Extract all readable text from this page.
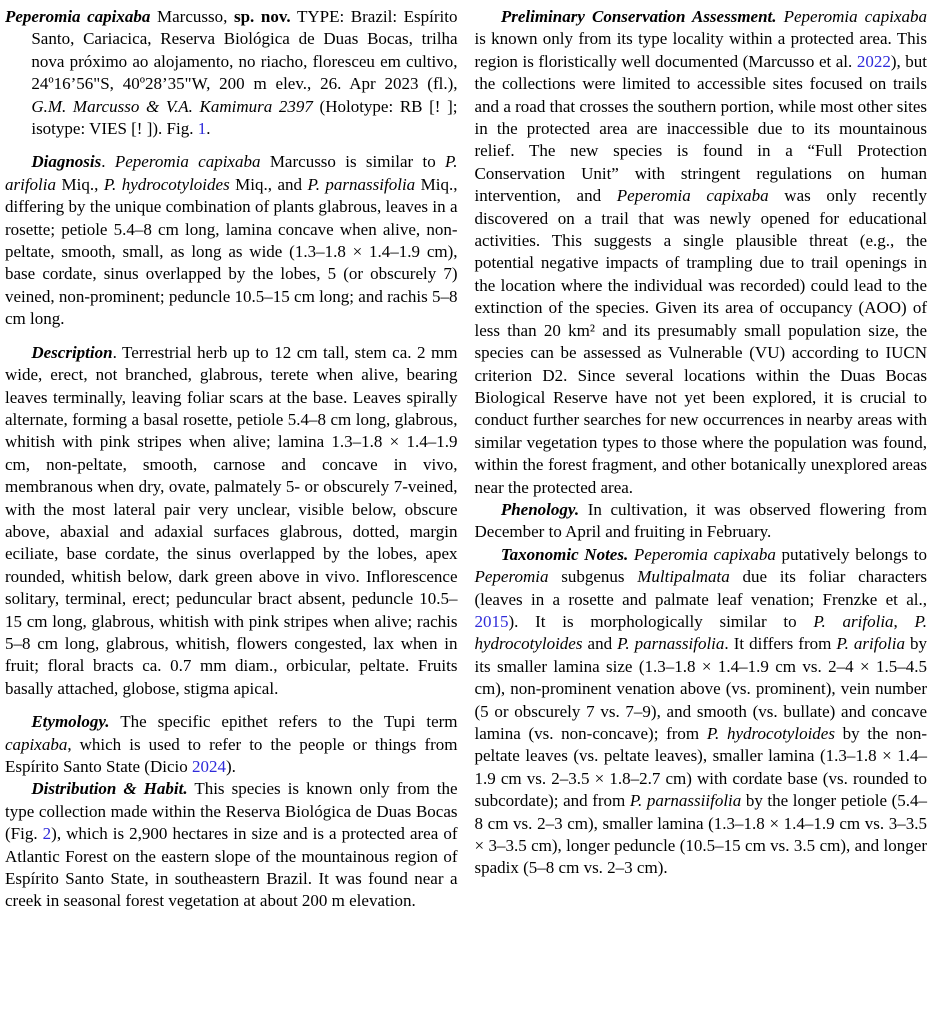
Peperomia capixaba Marcusso, sp. nov. TYPE: Brazil: Espírito Santo, Cariacica, Reserva Biológica de Duas Bocas, trilha nova próximo ao alojamento, no riacho, floresceu em cultivo, 24º16’56"S, 40º28’35"W, 200 m elev., 26. Apr 2023 (fl.), G.M. Marcusso & V.A. Kamimura 2397 (Holotype: RB [! ]; isotype: VIES [! ]). Fig. 1.

Diagnosis. Peperomia capixaba Marcusso is similar to P. arifolia Miq., P. hydrocotyloides Miq., and P. parnassifolia Miq., differing by the unique combination of plants glabrous, leaves in a rosette; petiole 5.4–8 cm long, lamina concave when alive, non-peltate, smooth, small, as long as wide (1.3–1.8 × 1.4–1.9 cm), base cordate, sinus overlapped by the lobes, 5 (or obscurely 7) veined, non-prominent; peduncle 10.5–15 cm long; and rachis 5–8 cm long.

Description. Terrestrial herb up to 12 cm tall, stem ca. 2 mm wide, erect, not branched, glabrous, terete when alive, bearing leaves terminally, leaving foliar scars at the base. Leaves spirally alternate, forming a basal rosette, petiole 5.4–8 cm long, glabrous, whitish with pink stripes when alive; lamina 1.3–1.8 × 1.4–1.9 cm, non-peltate, smooth, carnose and concave in vivo, membranous when dry, ovate, palmately 5- or obscurely 7-veined, with the most lateral pair very unclear, visible below, obscure above, abaxial and adaxial surfaces glabrous, dotted, margin eciliate, base cordate, the sinus overlapped by the lobes, apex rounded, whitish below, dark green above in vivo. Inflorescence solitary, terminal, erect; peduncular bract absent, peduncle 10.5–15 cm long, glabrous, whitish with pink stripes when alive; rachis 5–8 cm long, glabrous, whitish, flowers congested, lax when in fruit; floral bracts ca. 0.7 mm diam., orbicular, peltate. Fruits basally attached, globose, stigma apical.

Etymology. The specific epithet refers to the Tupi term capixaba, which is used to refer to the people or things from Espírito Santo State (Dicio 2024).

Distribution & Habit. This species is known only from the type collection made within the Reserva Biológica de Duas Bocas (Fig. 2), which is 2,900 hectares in size and is a protected area of Atlantic Forest on the eastern slope of the mountainous region of Espírito Santo State, in southeastern Brazil. It was found near a creek in seasonal forest vegetation at about 200 m elevation.

Preliminary Conservation Assessment. Peperomia capixaba is known only from its type locality within a protected area. This region is floristically well documented (Marcusso et al. 2022), but the collections were limited to accessible sites focused on trails and a road that crosses the southern portion, while most other sites in the protected area are inaccessible due to its mountainous relief. The new species is found in a “Full Protection Conservation Unit” with stringent regulations on human intervention, and Peperomia capixaba was only recently discovered on a trail that was newly opened for educational activities. This suggests a single plausible threat (e.g., the potential negative impacts of trampling due to trail openings in the location where the individual was recorded) could lead to the extinction of the species. Given its area of occupancy (AOO) of less than 20 km² and its presumably small population size, the species can be assessed as Vulnerable (VU) according to IUCN criterion D2. Since several locations within the Duas Bocas Biological Reserve have not yet been explored, it is crucial to conduct further searches for new occurrences in nearby areas with similar vegetation types to those where the population was found, within the forest fragment, and other botanically unexplored areas near the protected area.

Phenology. In cultivation, it was observed flowering from December to April and fruiting in February.

Taxonomic Notes. Peperomia capixaba putatively belongs to Peperomia subgenus Multipalmata due its foliar characters (leaves in a rosette and palmate leaf venation; Frenzke et al., 2015). It is morphologically similar to P. arifolia, P. hydrocotyloides and P. parnassifolia. It differs from P. arifolia by its smaller lamina size (1.3–1.8 × 1.4–1.9 cm vs. 2–4 × 1.5–4.5 cm), non-prominent venation above (vs. prominent), vein number (5 or obscurely 7 vs. 7–9), and smooth (vs. bullate) and concave lamina (vs. non-concave); from P. hydrocotyloides by the non-peltate leaves (vs. peltate leaves), smaller lamina (1.3–1.8 × 1.4–1.9 cm vs. 2–3.5 × 1.8–2.7 cm) with cordate base (vs. rounded to subcordate); and from P. parnassiifolia by the longer petiole (5.4–8 cm vs. 2–3 cm), smaller lamina (1.3–1.8 × 1.4–1.9 cm vs. 3–3.5 × 3–3.5 cm), longer peduncle (10.5–15 cm vs. 3.5 cm), and longer spadix (5–8 cm vs. 2–3 cm).
